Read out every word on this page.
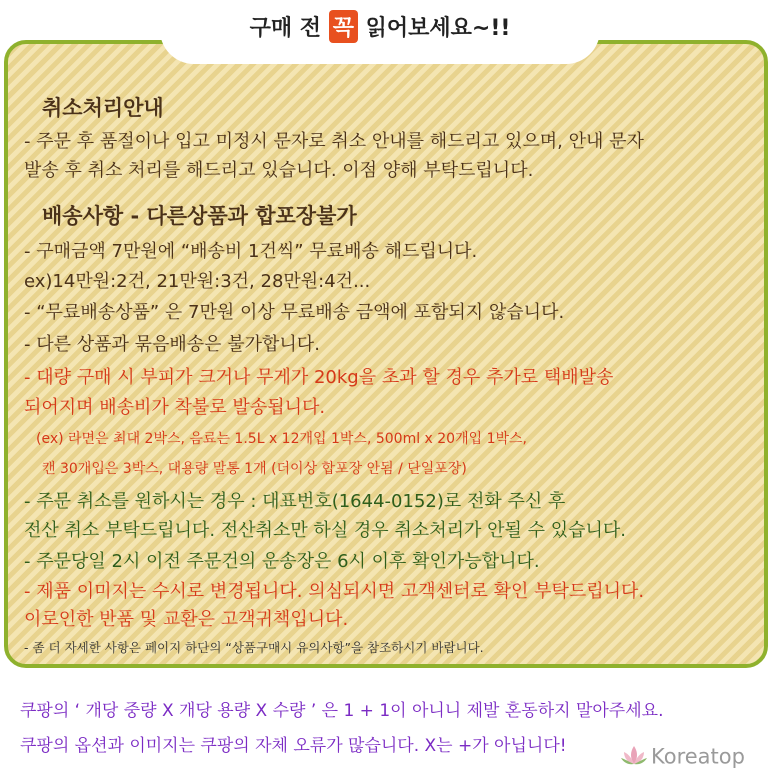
구매 전 꼭 읽어보세요~!!
취소처리안내
- 주문 후 품절이나 입고 미정시 문자로 취소 안내를 해드리고 있으며, 안내 문자
발송 후 취소 처리를 해드리고 있습니다. 이점 양해 부탁드립니다.
배송사항 - 다른상품과 합포장불가
- 구매금액 7만원에 “배송비 1건씩” 무료배송 해드립니다.
ex)14만원:2건, 21만원:3건, 28만원:4건...
- “무료배송상품” 은 7만원 이상 무료배송 금액에 포함되지 않습니다.
- 다른 상품과 묶음배송은 불가합니다.
- 대량 구매 시 부피가 크거나 무게가 20kg을 초과 할 경우 추가로 택배발송
되어지며 배송비가 착불로 발송됩니다.
(ex) 라면은 최대 2박스, 음료는 1.5L x 12개입 1박스, 500ml x 20개입 1박스,
캔 30개입은 3박스, 대용량 말통 1개 (더이상 합포장 안됨 / 단일포장)
- 주문 취소를 원하시는 경우 : 대표번호(1644-0152)로 전화 주신 후
전산 취소 부탁드립니다. 전산취소만 하실 경우 취소처리가 안될 수 있습니다.
- 주문당일 2시 이전 주문건의 운송장은 6시 이후 확인가능합니다.
- 제품 이미지는 수시로 변경됩니다. 의심되시면 고객센터로 확인 부탁드립니다.
이로인한 반품 및 교환은 고객귀책입니다.
- 좀 더 자세한 사항은 페이지 하단의 “상품구매시 유의사항”을 참조하시기 바랍니다.
쿠팡의 ‘ 개당 중량 X 개당 용량 X 수량 ’ 은 1 + 1이 아니니 제발 혼동하지 말아주세요.
쿠팡의 옵션과 이미지는 쿠팡의 자체 오류가 많습니다. X는 +가 아닙니다!	Koreatop
